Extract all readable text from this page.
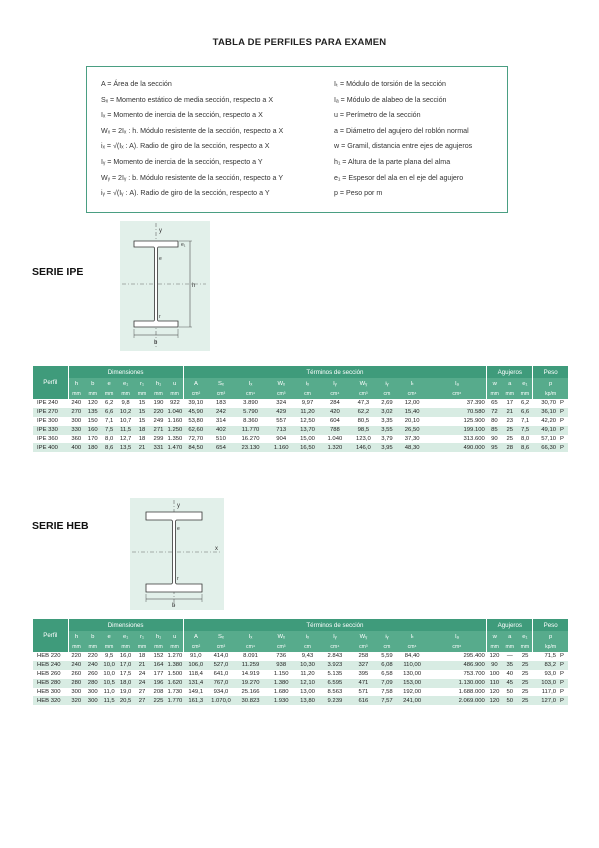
TABLA DE PERFILES PARA EXAMEN
A = Área de la sección
Sₓ = Momento estático de media sección, respecto a X
Iₓ = Momento de inercia de la sección, respecto a X
Wₓ = 2Iₓ : h. Módulo resistente de la sección, respecto a X
iₓ = √(Iₓ : A). Radio de giro de la sección, respecto a X
Iᵧ = Momento de inercia de la sección, respecto a Y
Wᵧ = 2Iᵧ : b. Módulo resistente de la sección, respecto a Y
iᵧ = √(Iᵧ : A). Radio de giro de la sección, respecto a Y
Iₜ = Módulo de torsión de la sección
Iₐ = Módulo de alabeo de la sección
u = Perímetro de la sección
a = Diámetro del agujero del roblón normal
w = Gramil, distancia entre ejes de agujeros
h₁ = Altura de la parte plana del alma
e₁ = Espesor del ala en el eje del agujero
p = Peso por m
SERIE IPE
y
e₁
h
e
r
b
Perfil	Dimensiones							Términos de sección										Agujeros			Peso	
	h	b	e	e₁	r₁	h₁	u	A	Sₓ	Iₓ	Wₓ	iₓ	Iᵧ	Wᵧ	iᵧ	Iₜ	Iₐ	w	a	e₁	p	
	mm	mm	mm	mm	mm	mm	mm	cm²	cm³	cm⁴	cm³	cm	cm⁴	cm³	cm	cm⁴	cm⁶	mm	mm	mm	kp/m	
IPE 240	240	120	6,2	9,8	15	190	922	39,10	183	3.890	324	9,97	284	47,3	2,69	12,00	37.390	65	17	6,2	30,70	P
IPE 270	270	135	6,6	10,2	15	220	1.040	45,90	242	5.790	429	11,20	420	62,2	3,02	15,40	70.580	72	21	6,6	36,10	P
IPE 300	300	150	7,1	10,7	15	249	1.160	53,80	314	8.360	557	12,50	604	80,5	3,35	20,10	125.900	80	23	7,1	42,20	P
IPE 330	330	160	7,5	11,5	18	271	1.250	62,60	402	11.770	713	13,70	788	98,5	3,55	26,50	199.100	85	25	7,5	49,10	P
IPE 360	360	170	8,0	12,7	18	299	1.350	72,70	510	16.270	904	15,00	1.040	123,0	3,79	37,30	313.600	90	25	8,0	57,10	P
IPE 400	400	180	8,6	13,5	21	331	1.470	84,50	654	23.130	1.160	16,50	1.320	146,0	3,95	48,30	490.000	95	28	8,6	66,30	P
SERIE HEB
y
x
e
r
b
Perfil	Dimensiones							Términos de sección										Agujeros			Peso	
	h	b	e	e₁	r₁	h₁	u	A	Sₓ	Iₓ	Wₓ	iₓ	Iᵧ	Wᵧ	iᵧ	Iₜ	Iₐ	w	a	e₁	p	
	mm	mm	mm	mm	mm	mm	mm	cm²	cm³	cm⁴	cm³	cm	cm⁴	cm³	cm	cm⁴	cm⁶	mm	mm	mm	kp/m	
HEB 220	220	220	9,5	16,0	18	152	1.270	91,0	414,0	8.091	736	9,43	2.843	258	5,59	84,40	295.400	120	—	25	71,5	P
HEB 240	240	240	10,0	17,0	21	164	1.380	106,0	527,0	11.259	938	10,30	3.923	327	6,08	110,00	486.900	90	35	25	83,2	P
HEB 260	260	260	10,0	17,5	24	177	1.500	118,4	641,0	14.919	1.150	11,20	5.135	395	6,58	130,00	753.700	100	40	25	93,0	P
HEB 280	280	280	10,5	18,0	24	196	1.620	131,4	767,0	19.270	1.380	12,10	6.595	471	7,09	153,00	1.130.000	110	45	25	103,0	P
HEB 300	300	300	11,0	19,0	27	208	1.730	149,1	934,0	25.166	1.680	13,00	8.563	571	7,58	192,00	1.688.000	120	50	25	117,0	P
HEB 320	320	300	11,5	20,5	27	225	1.770	161,3	1.070,0	30.823	1.930	13,80	9.239	616	7,57	241,00	2.069.000	120	50	25	127,0	P
